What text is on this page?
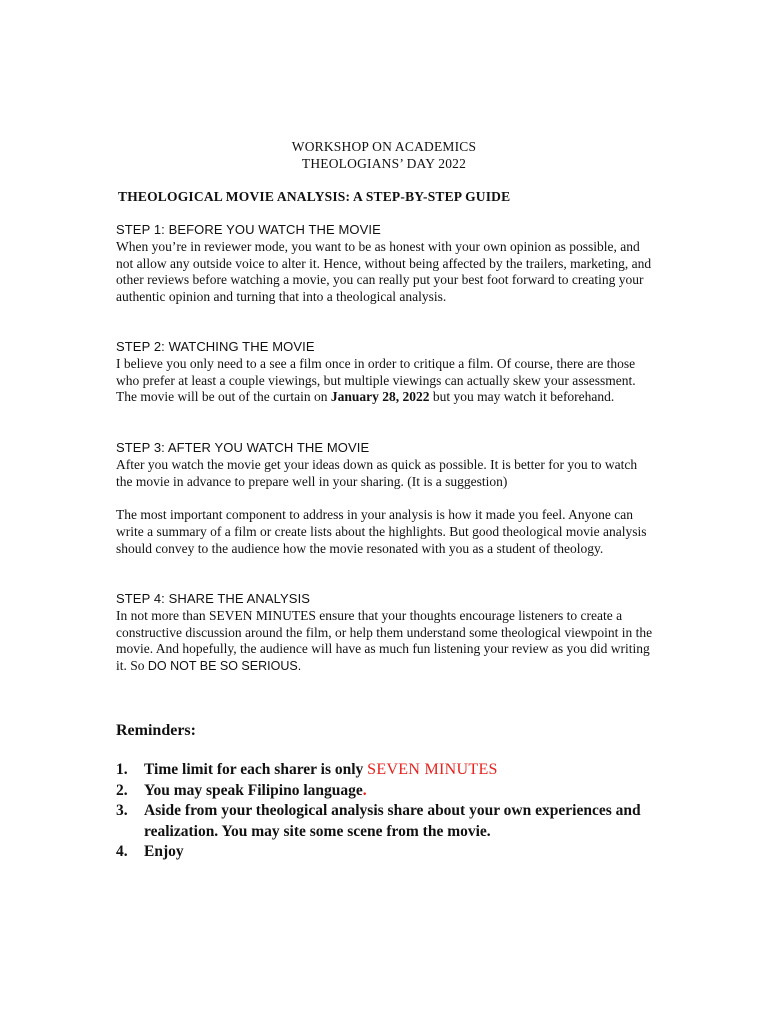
WORKSHOP ON ACADEMICS
THEOLOGIANS’ DAY 2022
THEOLOGICAL MOVIE ANALYSIS: A STEP-BY-STEP GUIDE
STEP 1: BEFORE YOU WATCH THE MOVIE

When you’re in reviewer mode, you want to be as honest with your own opinion as possible, and not allow any outside voice to alter it. Hence, without being affected by the trailers, marketing, and other reviews before watching a movie, you can really put your best foot forward to creating your authentic opinion and turning that into a theological analysis.

STEP 2: WATCHING THE MOVIE

I believe you only need to a see a film once in order to critique a film. Of course, there are those who prefer at least a couple viewings, but multiple viewings can actually skew your assessment. The movie will be out of the curtain on January 28, 2022 but you may watch it beforehand.

STEP 3: AFTER YOU WATCH THE MOVIE

After you watch the movie get your ideas down as quick as possible. It is better for you to watch the movie in advance to prepare well in your sharing. (It is a suggestion)

The most important component to address in your analysis is how it made you feel. Anyone can write a summary of a film or create lists about the highlights. But good theological movie analysis should convey to the audience how the movie resonated with you as a student of theology.

STEP 4: SHARE THE ANALYSIS

In not more than SEVEN MINUTES ensure that your thoughts encourage listeners to create a constructive discussion around the film, or help them understand some theological viewpoint in the movie. And hopefully, the audience will have as much fun listening your review as you did writing it. So DO NOT BE SO SERIOUS.

Reminders:
1. Time limit for each sharer is only SEVEN MINUTES
2. You may speak Filipino language.
3. Aside from your theological analysis share about your own experiences and realization. You may site some scene from the movie.
4. Enjoy
